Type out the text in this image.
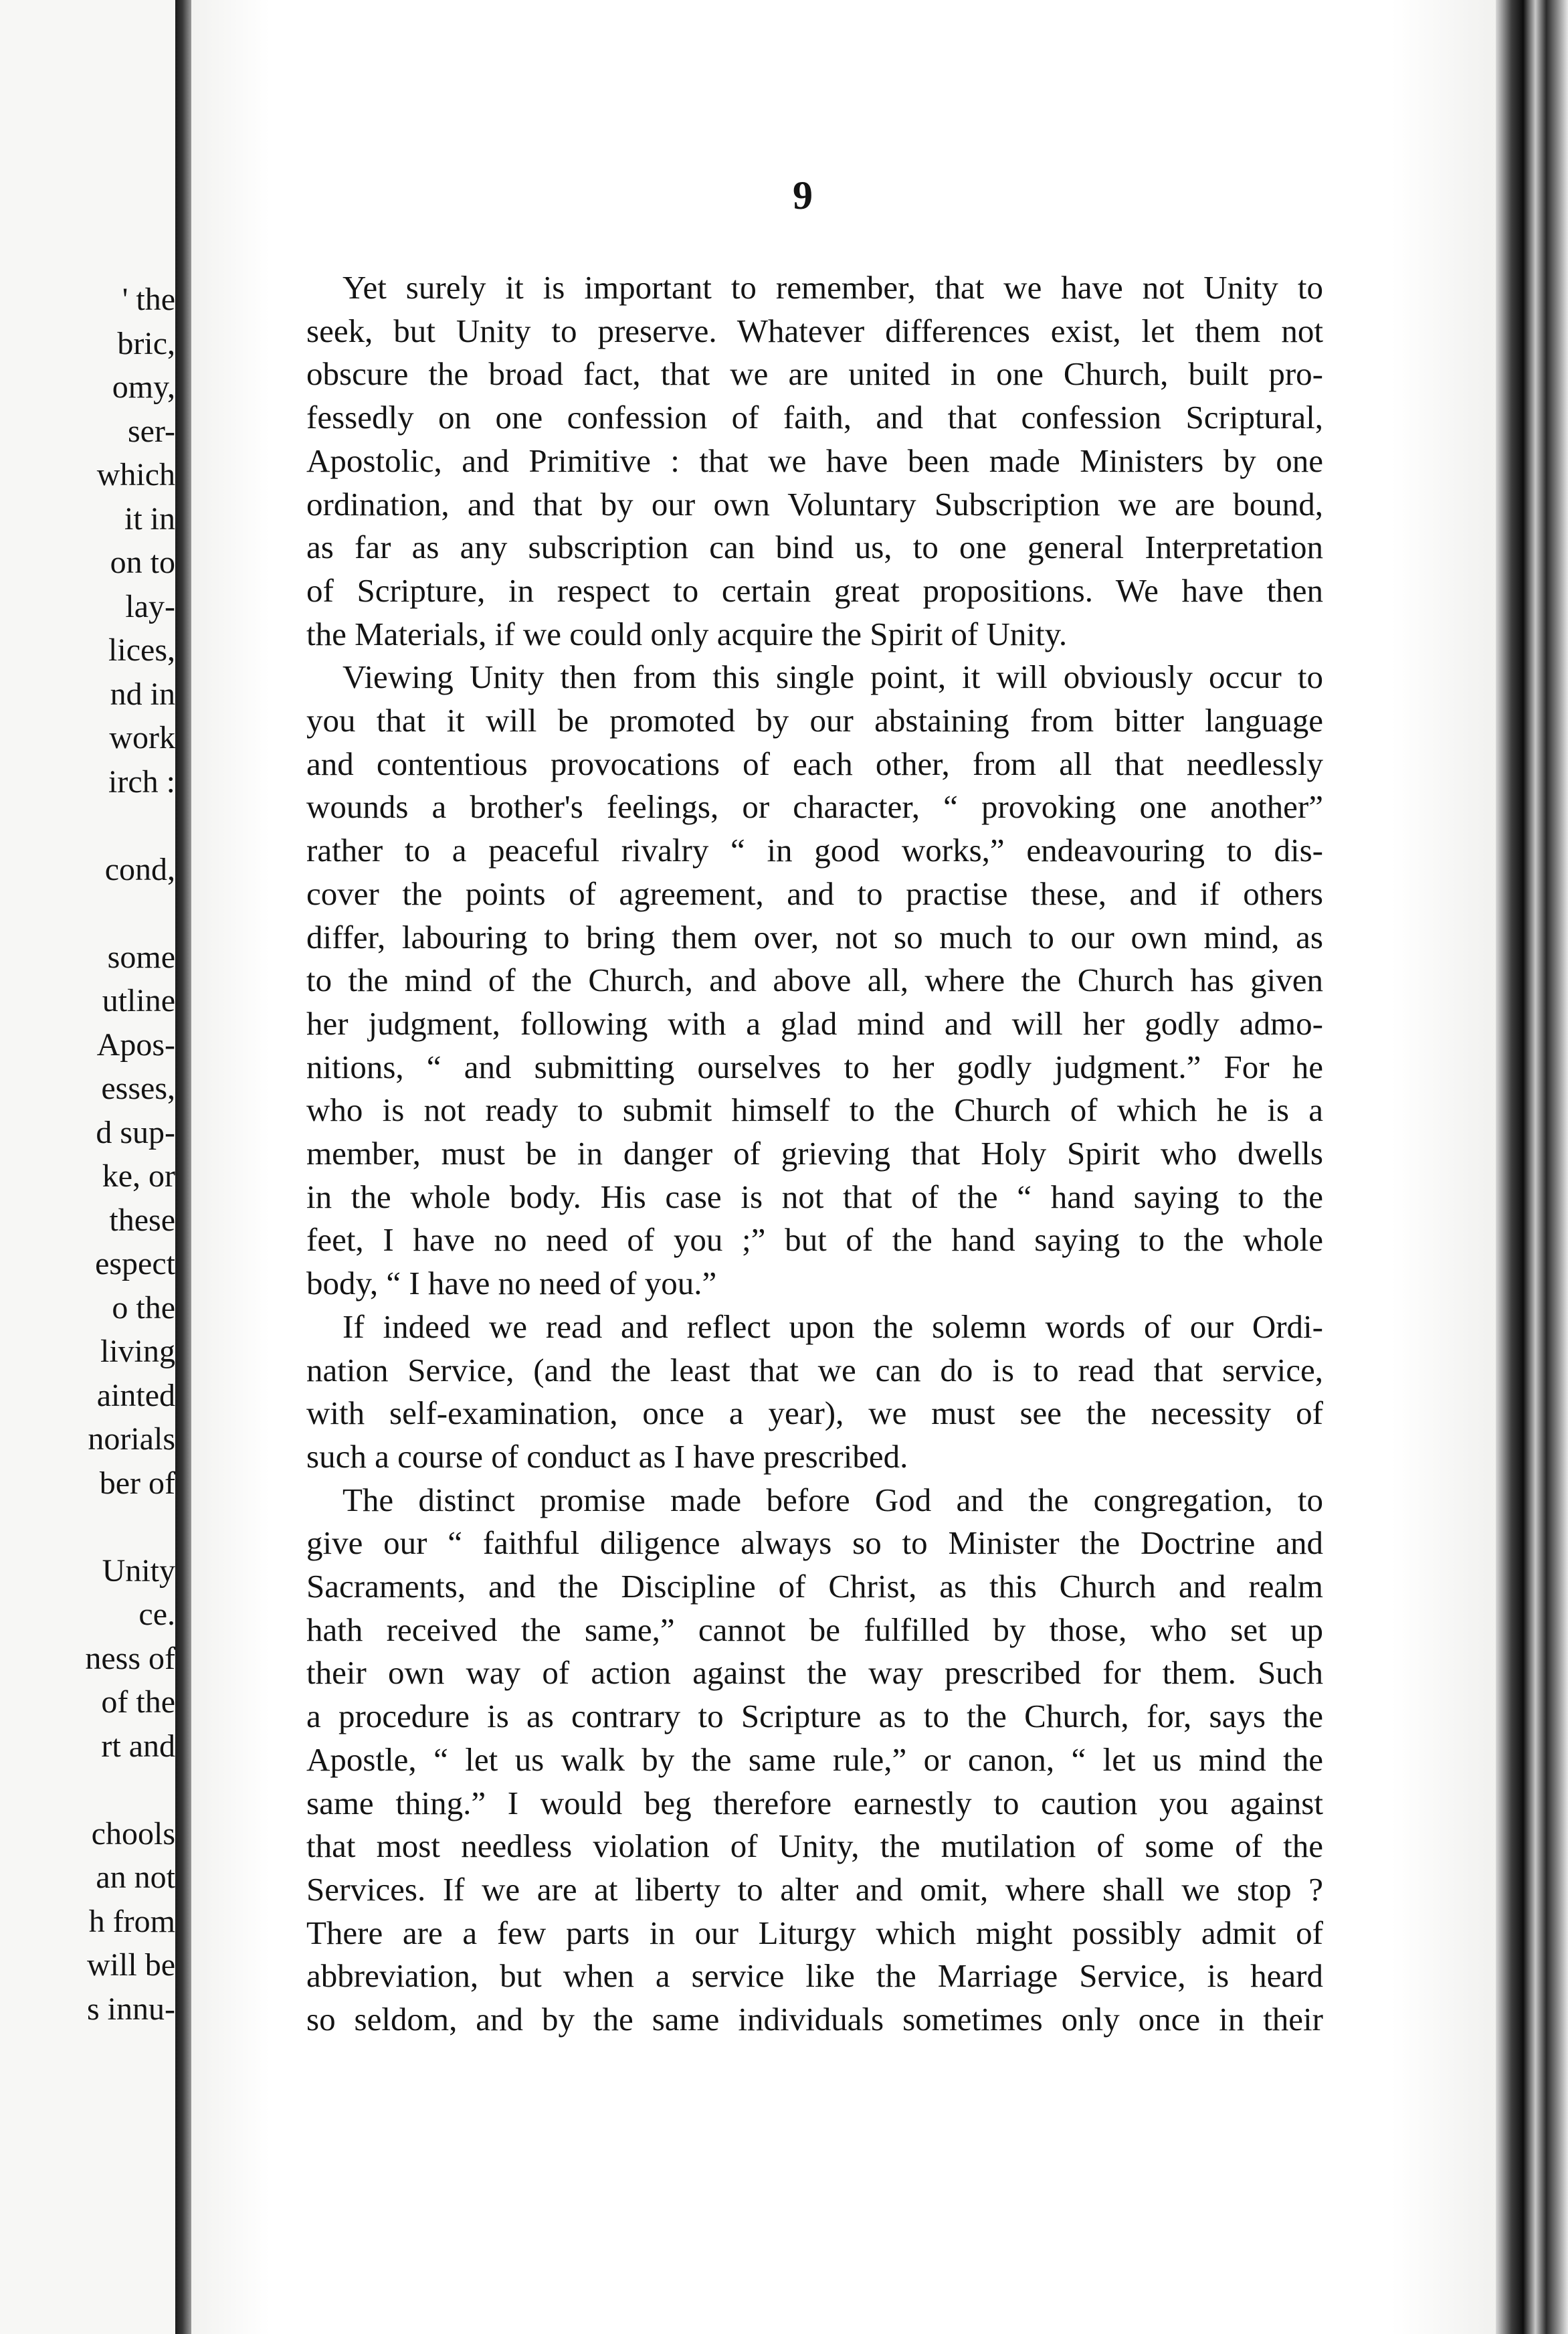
' the
bric,
omy,
ser-
which
it in
on to
lay-
lices,
nd in
work
irch :
cond,
some
utline
Apos-
esses,
d sup-
ke, or
these
espect
o the
living
ainted
norials
ber of
Unity
ce.
ness of
of the
rt and
chools
an not
h from
will be
s innu-
9
Yet surely it is important to remember, that we have not Unity to
seek, but Unity to preserve. Whatever differences exist, let them not
obscure the broad fact, that we are united in one Church, built pro-
fessedly on one confession of faith, and that confession Scriptural,
Apostolic, and Primitive : that we have been made Ministers by one
ordination, and that by our own Voluntary Subscription we are bound,
as far as any subscription can bind us, to one general Interpretation
of Scripture, in respect to certain great propositions. We have then
the Materials, if we could only acquire the Spirit of Unity.
Viewing Unity then from this single point, it will obviously occur to
you that it will be promoted by our abstaining from bitter language
and contentious provocations of each other, from all that needlessly
wounds a brother's feelings, or character, “ provoking one another”
rather to a peaceful rivalry “ in good works,” endeavouring to dis-
cover the points of agreement, and to practise these, and if others
differ, labouring to bring them over, not so much to our own mind, as
to the mind of the Church, and above all, where the Church has given
her judgment, following with a glad mind and will her godly admo-
nitions, “ and submitting ourselves to her godly judgment.” For he
who is not ready to submit himself to the Church of which he is a
member, must be in danger of grieving that Holy Spirit who dwells
in the whole body. His case is not that of the “ hand saying to the
feet, I have no need of you ;” but of the hand saying to the whole
body, “ I have no need of you.”
If indeed we read and reflect upon the solemn words of our Ordi-
nation Service, (and the least that we can do is to read that service,
with self-examination, once a year), we must see the necessity of
such a course of conduct as I have prescribed.
The distinct promise made before God and the congregation, to
give our “ faithful diligence always so to Minister the Doctrine and
Sacraments, and the Discipline of Christ, as this Church and realm
hath received the same,” cannot be fulfilled by those, who set up
their own way of action against the way prescribed for them. Such
a procedure is as contrary to Scripture as to the Church, for, says the
Apostle, “ let us walk by the same rule,” or canon, “ let us mind the
same thing.” I would beg therefore earnestly to caution you against
that most needless violation of Unity, the mutilation of some of the
Services. If we are at liberty to alter and omit, where shall we stop ?
There are a few parts in our Liturgy which might possibly admit of
abbreviation, but when a service like the Marriage Service, is heard
so seldom, and by the same individuals sometimes only once in their
